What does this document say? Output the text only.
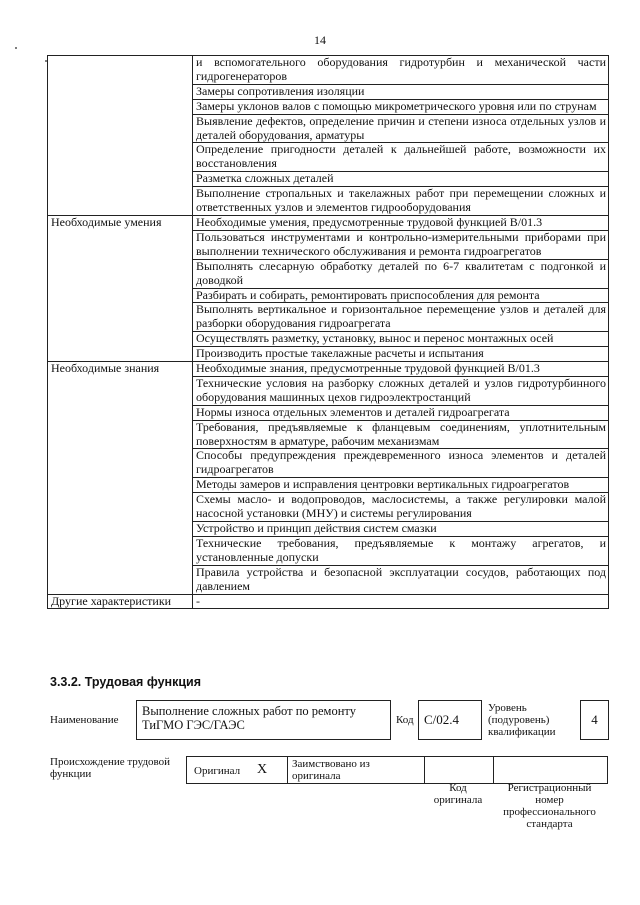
14
	и вспомогательного оборудования гидротурбин и механической части гидрогенераторов
	Замеры сопротивления изоляции
	Замеры уклонов валов с помощью микрометрического уровня или по струнам
	Выявление дефектов, определение причин и степени износа отдельных узлов и деталей оборудования, арматуры
	Определение пригодности деталей к дальнейшей работе, возможности их восстановления
	Разметка сложных деталей
	Выполнение стропальных и такелажных работ при перемещении сложных и ответственных узлов и элементов гидрооборудования
Необходимые умения	Необходимые умения, предусмотренные трудовой функцией В/01.3
	Пользоваться инструментами и контрольно-измерительными приборами при выполнении технического обслуживания и ремонта гидроагрегатов
	Выполнять слесарную обработку деталей по 6-7 квалитетам с подгонкой и доводкой
	Разбирать и собирать, ремонтировать приспособления для ремонта
	Выполнять вертикальное и горизонтальное перемещение узлов и деталей для разборки оборудования гидроагрегата
	Осуществлять разметку, установку, вынос и перенос монтажных осей
	Производить простые такелажные расчеты и испытания
Необходимые знания	Необходимые знания, предусмотренные трудовой функцией В/01.3
	Технические условия на разборку сложных деталей и узлов гидротурбинного оборудования машинных цехов гидроэлектростанций
	Нормы износа отдельных элементов и деталей гидроагрегата
	Требования, предъявляемые к фланцевым соединениям, уплотнительным поверхностям в арматуре, рабочим механизмам
	Способы предупреждения преждевременного износа элементов и деталей гидроагрегатов
	Методы замеров и исправления центровки вертикальных гидроагрегатов
	Схемы масло- и водопроводов, маслосистемы, а также регулировки малой насосной установки (МНУ) и системы регулирования
	Устройство и принцип действия систем смазки
	Технические требования, предъявляемые к монтажу агрегатов, и установленные допуски
	Правила устройства и безопасной эксплуатации сосудов, работающих под давлением
Другие характеристики	-
3.3.2. Трудовая функция
Наименование
Выполнение сложных работ по ремонту ТиГМО ГЭС/ГАЭС	Код С/02.4
Уровень (подуровень) квалификации
4
Происхождение трудовой функции	Оригинал X Заимствовано из оригинала
Код оригинала
Регистрационный номер профессионального стандарта
